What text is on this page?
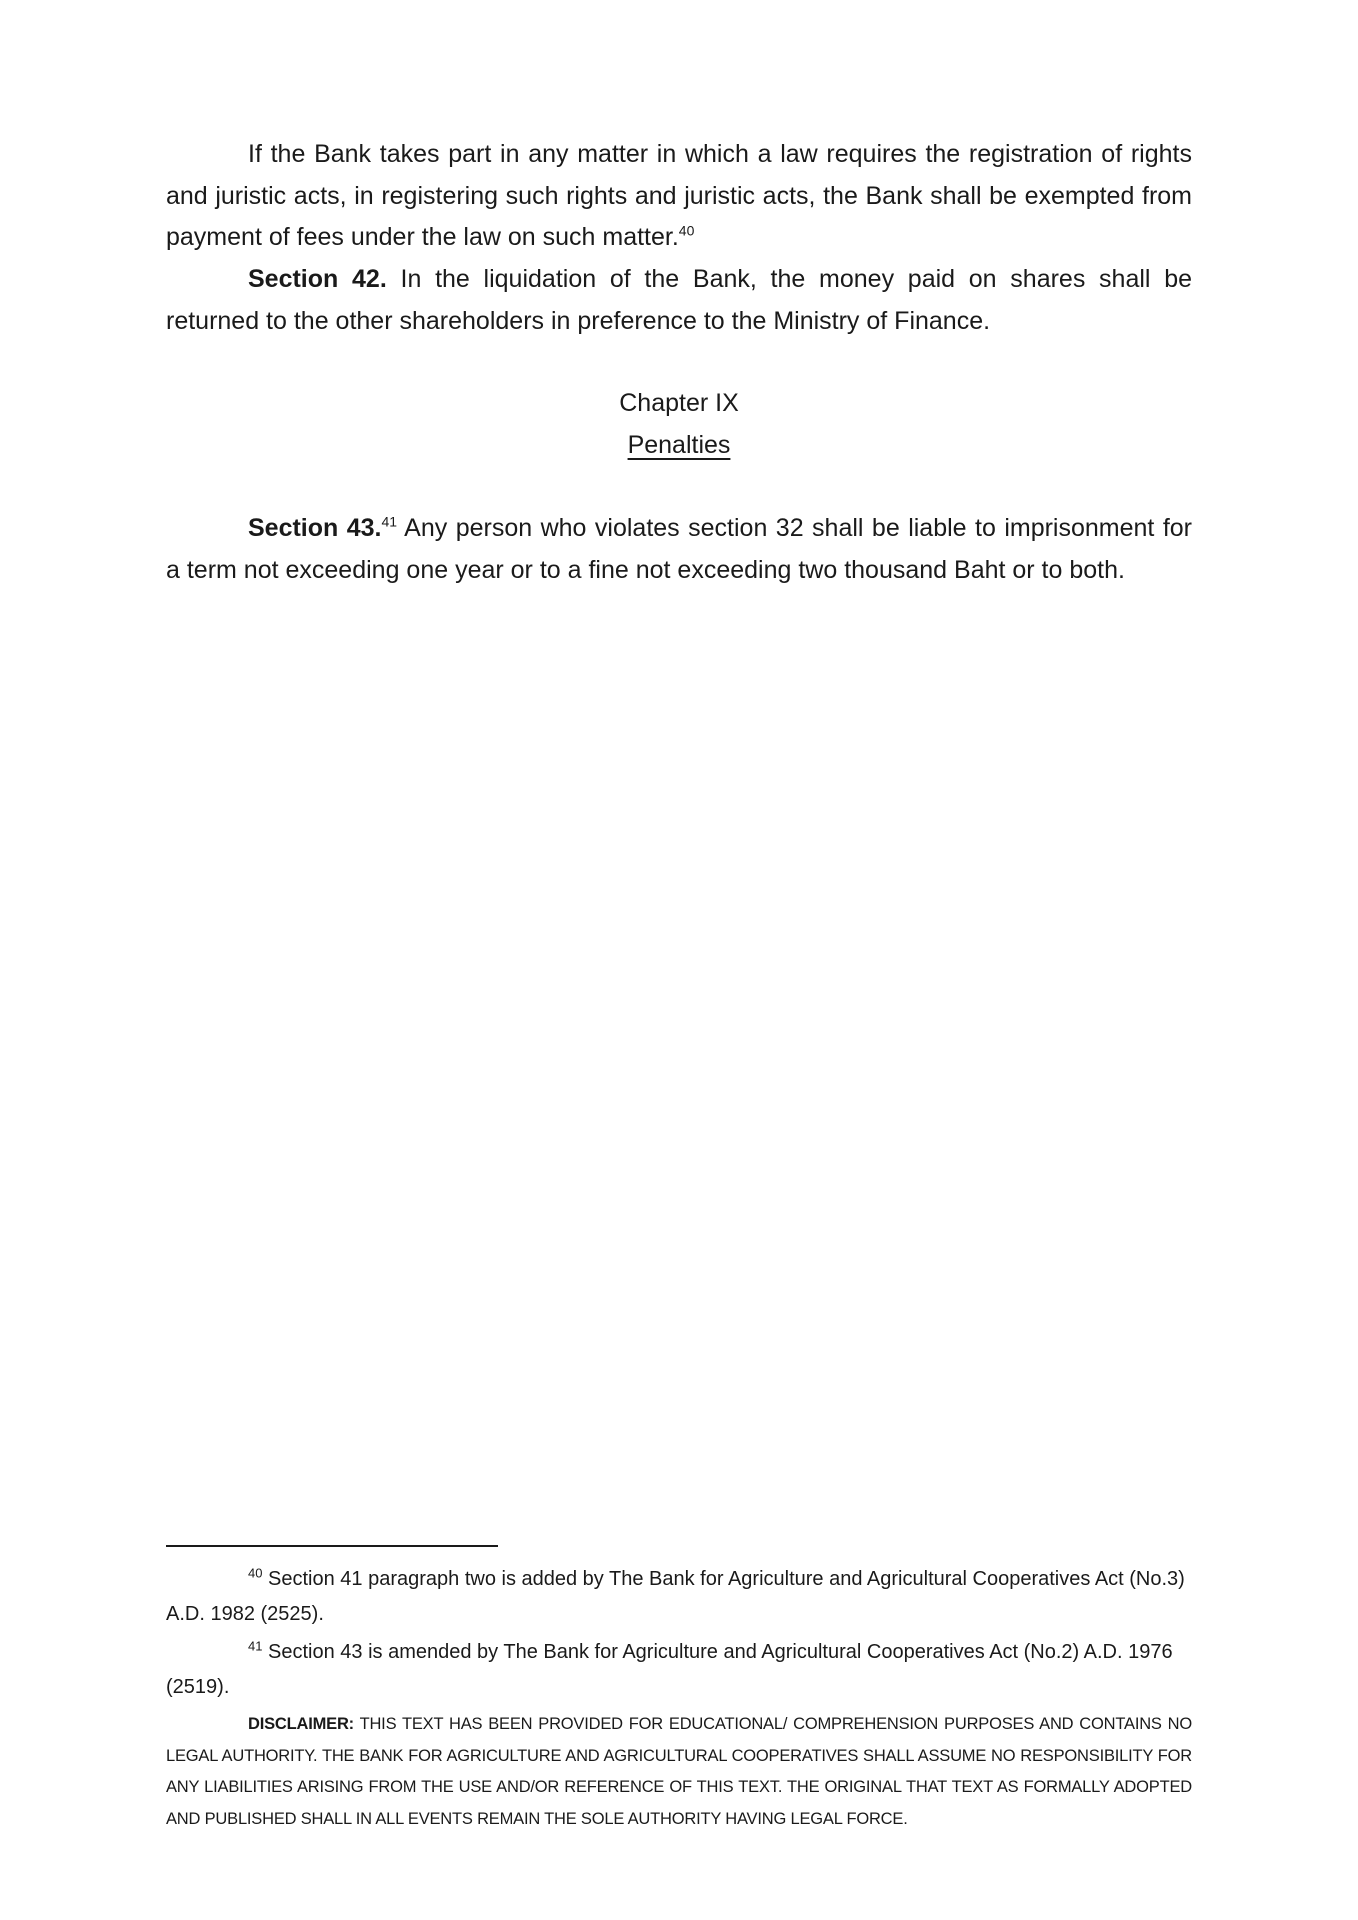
If the Bank takes part in any matter in which a law requires the registration of rights and juristic acts, in registering such rights and juristic acts, the Bank shall be exempted from payment of fees under the law on such matter.$^{40}$

Section 42. In the liquidation of the Bank, the money paid on shares shall be returned to the other shareholders in preference to the Ministry of Finance.

Chapter IX

Penalties

Section 43.41 Any person who violates section 32 shall be liable to imprisonment for a term not exceeding one year or to a fine not exceeding two thousand Baht or to both.

$^{40}$ Section 41 paragraph two is added by The Bank for Agriculture and Agricultural Cooperatives Act (No.3) A.D. 1982 (2525).

$^{41}$ Section 43 is amended by The Bank for Agriculture and Agricultural Cooperatives Act (No.2) A.D. 1976 (2519).

DISCLAIMER: THIS TEXT HAS BEEN PROVIDED FOR EDUCATIONAL/ COMPREHENSION PURPOSES AND CONTAINS NO LEGAL AUTHORITY. THE BANK FOR AGRICULTURE AND AGRICULTURAL COOPERATIVES SHALL ASSUME NO RESPONSIBILITY FOR ANY LIABILITIES ARISING FROM THE USE AND/OR REFERENCE OF THIS TEXT. THE ORIGINAL THAT TEXT AS FORMALLY ADOPTED AND PUBLISHED SHALL IN ALL EVENTS REMAIN THE SOLE AUTHORITY HAVING LEGAL FORCE.
